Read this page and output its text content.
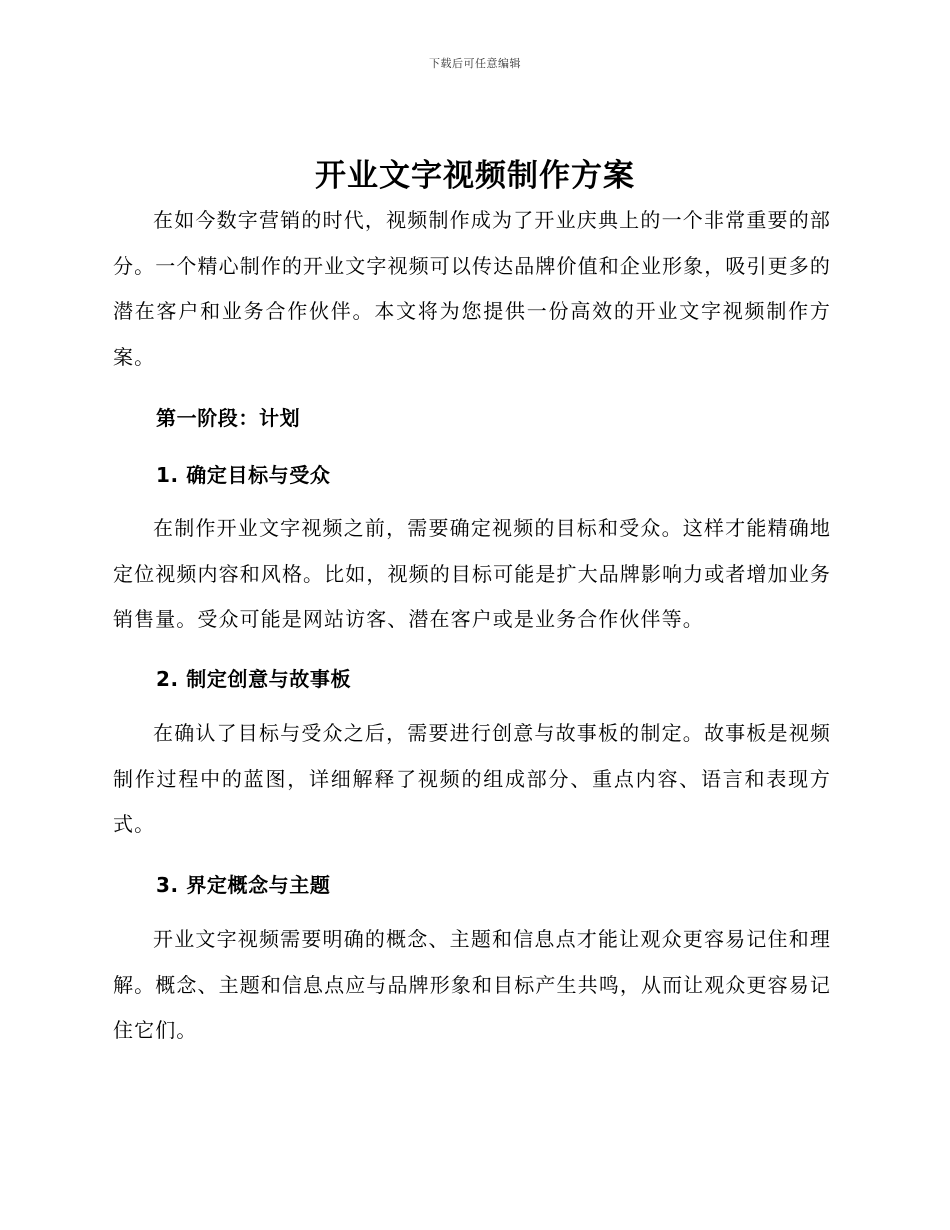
下载后可任意编辑
开业文字视频制作方案

在如今数字营销的时代，视频制作成为了开业庆典上的一个非常重要的部分。一个精心制作的开业文字视频可以传达品牌价值和企业形象，吸引更多的潜在客户和业务合作伙伴。本文将为您提供一份高效的开业文字视频制作方案。

第一阶段：计划
1. 确定目标与受众

在制作开业文字视频之前，需要确定视频的目标和受众。这样才能精确地定位视频内容和风格。比如，视频的目标可能是扩大品牌影响力或者增加业务销售量。受众可能是网站访客、潜在客户或是业务合作伙伴等。

2. 制定创意与故事板

在确认了目标与受众之后，需要进行创意与故事板的制定。故事板是视频制作过程中的蓝图，详细解释了视频的组成部分、重点内容、语言和表现方式。

3. 界定概念与主题

开业文字视频需要明确的概念、主题和信息点才能让观众更容易记住和理解。概念、主题和信息点应与品牌形象和目标产生共鸣，从而让观众更容易记住它们。
